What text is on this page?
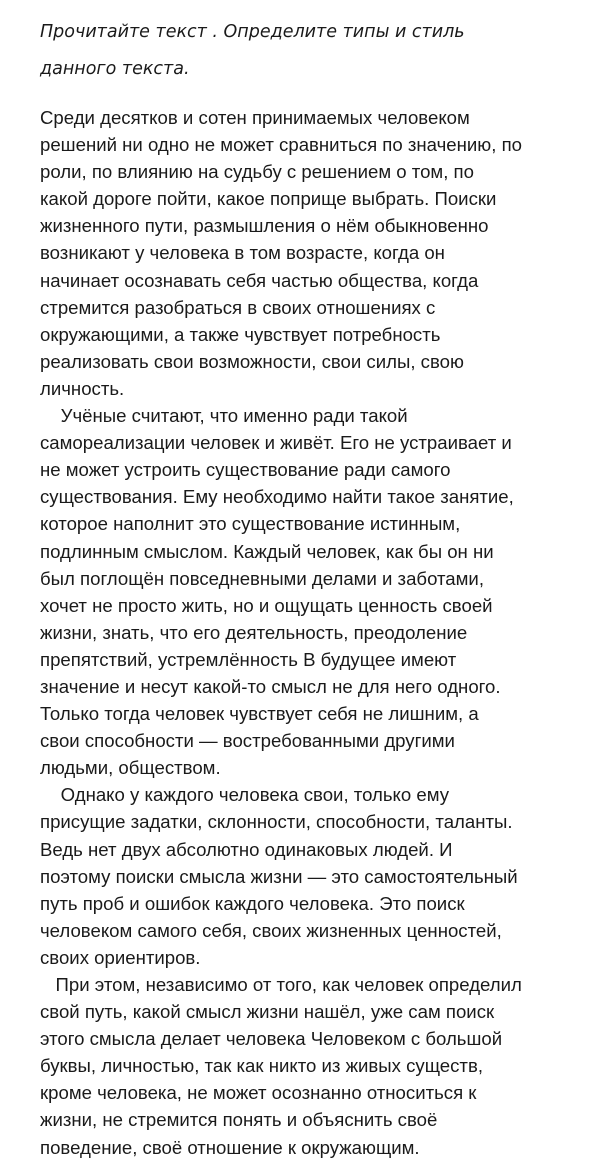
Прочитайте текст . Определите типы и стиль
данного текста.
Среди десятков и сотен принимаемых человеком
решений ни одно не может сравниться по значению, по
роли, по влиянию на судьбу с решением о том, по
какой дороге пойти, какое поприще выбрать. Поиски
жизненного пути, размышления о нём обыкновенно
возникают у человека в том возрасте, когда он
начинает осознавать себя частью общества, когда
стремится разобраться в своих отношениях с
окружающими, а также чувствует потребность
реализовать свои возможности, свои силы, свою
личность.
Учёные считают, что именно ради такой
самореализации человек и живёт. Его не устраивает и
не может устроить существование ради самого
существования. Ему необходимо найти такое занятие,
которое наполнит это существование истинным,
подлинным смыслом. Каждый человек, как бы он ни
был поглощён повседневными делами и заботами,
хочет не просто жить, но и ощущать ценность своей
жизни, знать, что его деятельность, преодоление
препятствий, устремлённость В будущее имеют
значение и несут какой-то смысл не для него одного.
Только тогда человек чувствует себя не лишним, а
свои способности — востребованными другими
людьми, обществом.
Однако у каждого человека свои, только ему
присущие задатки, склонности, способности, таланты.
Ведь нет двух абсолютно одинаковых людей. И
поэтому поиски смысла жизни — это самостоятельный
путь проб и ошибок каждого человека. Это поиск
человеком самого себя, своих жизненных ценностей,
своих ориентиров.
При этом, независимо от того, как человек определил
свой путь, какой смысл жизни нашёл, уже сам поиск
этого смысла делает человека Человеком с большой
буквы, личностью, так как никто из живых существ,
кроме человека, не может осознанно относиться к
жизни, не стремится понять и объяснить своё
поведение, своё отношение к окружающим.
